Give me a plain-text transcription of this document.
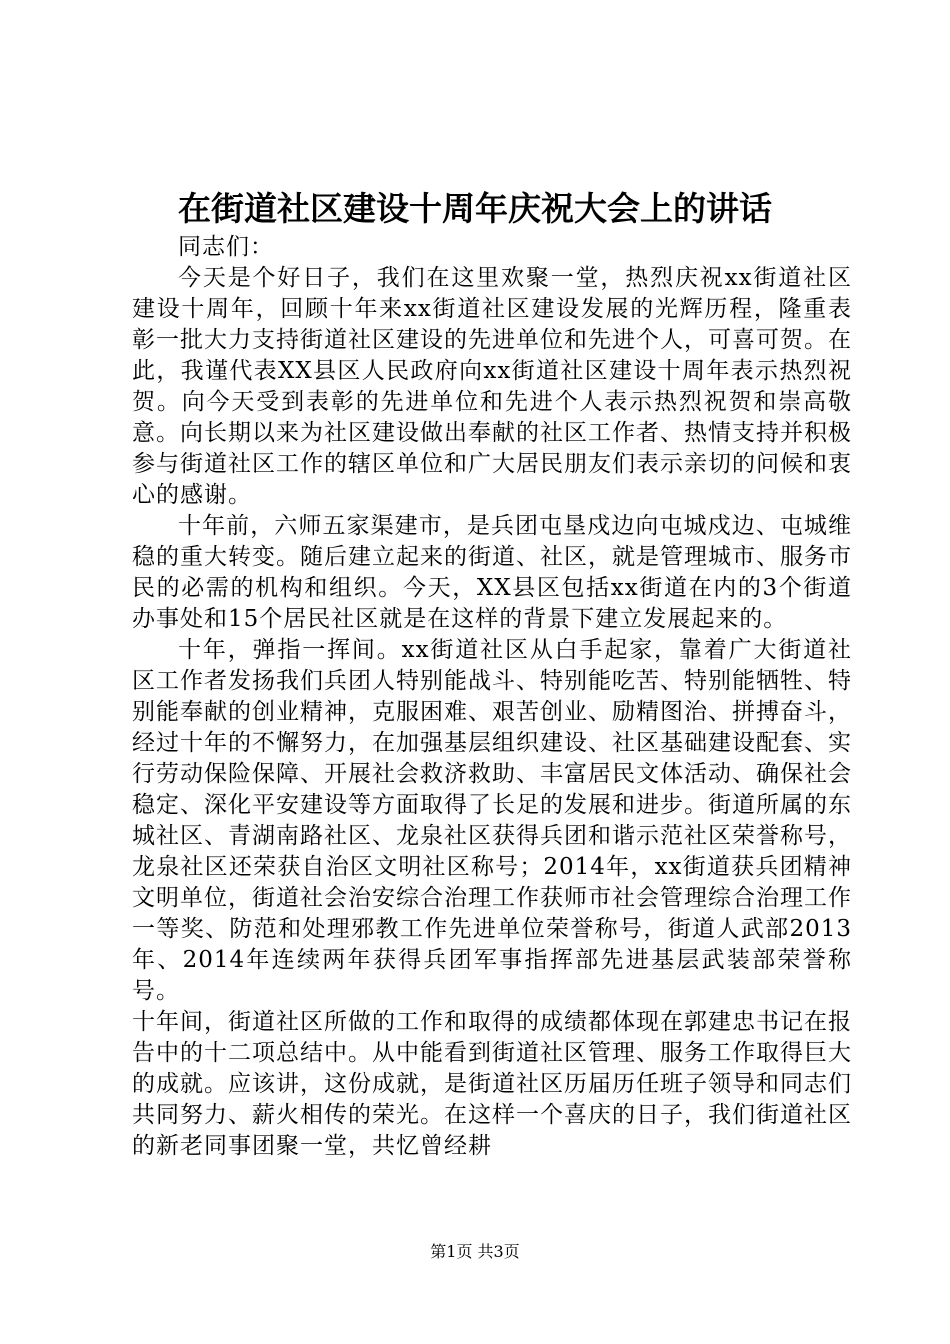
在街道社区建设十周年庆祝大会上的讲话

同志们：

今天是个好日子，我们在这里欢聚一堂，热烈庆祝xx街道社区建设十周年，回顾十年来xx街道社区建设发展的光辉历程，隆重表彰一批大力支持街道社区建设的先进单位和先进个人，可喜可贺。在此，我谨代表XX县区人民政府向xx街道社区建设十周年表示热烈祝贺。向今天受到表彰的先进单位和先进个人表示热烈祝贺和崇高敬意。向长期以来为社区建设做出奉献的社区工作者、热情支持并积极参与街道社区工作的辖区单位和广大居民朋友们表示亲切的问候和衷心的感谢。

十年前，六师五家渠建市，是兵团屯垦戍边向屯城戍边、屯城维稳的重大转变。随后建立起来的街道、社区，就是管理城市、服务市民的必需的机构和组织。今天，XX县区包括xx街道在内的3个街道办事处和15个居民社区就是在这样的背景下建立发展起来的。

十年，弹指一挥间。xx街道社区从白手起家，靠着广大街道社区工作者发扬我们兵团人特别能战斗、特别能吃苦、特别能牺牲、特别能奉献的创业精神，克服困难、艰苦创业、励精图治、拼搏奋斗，经过十年的不懈努力，在加强基层组织建设、社区基础建设配套、实行劳动保险保障、开展社会救济救助、丰富居民文体活动、确保社会稳定、深化平安建设等方面取得了长足的发展和进步。街道所属的东城社区、青湖南路社区、龙泉社区获得兵团和谐示范社区荣誉称号，龙泉社区还荣获自治区文明社区称号；2014年，xx街道获兵团精神文明单位，街道社会治安综合治理工作获师市社会管理综合治理工作一等奖、防范和处理邪教工作先进单位荣誉称号，街道人武部2013年、2014年连续两年获得兵团军事指挥部先进基层武装部荣誉称号。

十年间，街道社区所做的工作和取得的成绩都体现在郭建忠书记在报告中的十二项总结中。从中能看到街道社区管理、服务工作取得巨大的成就。应该讲，这份成就，是街道社区历届历任班子领导和同志们共同努力、薪火相传的荣光。在这样一个喜庆的日子，我们街道社区的新老同事团聚一堂，共忆曾经耕

第1页 共3页
